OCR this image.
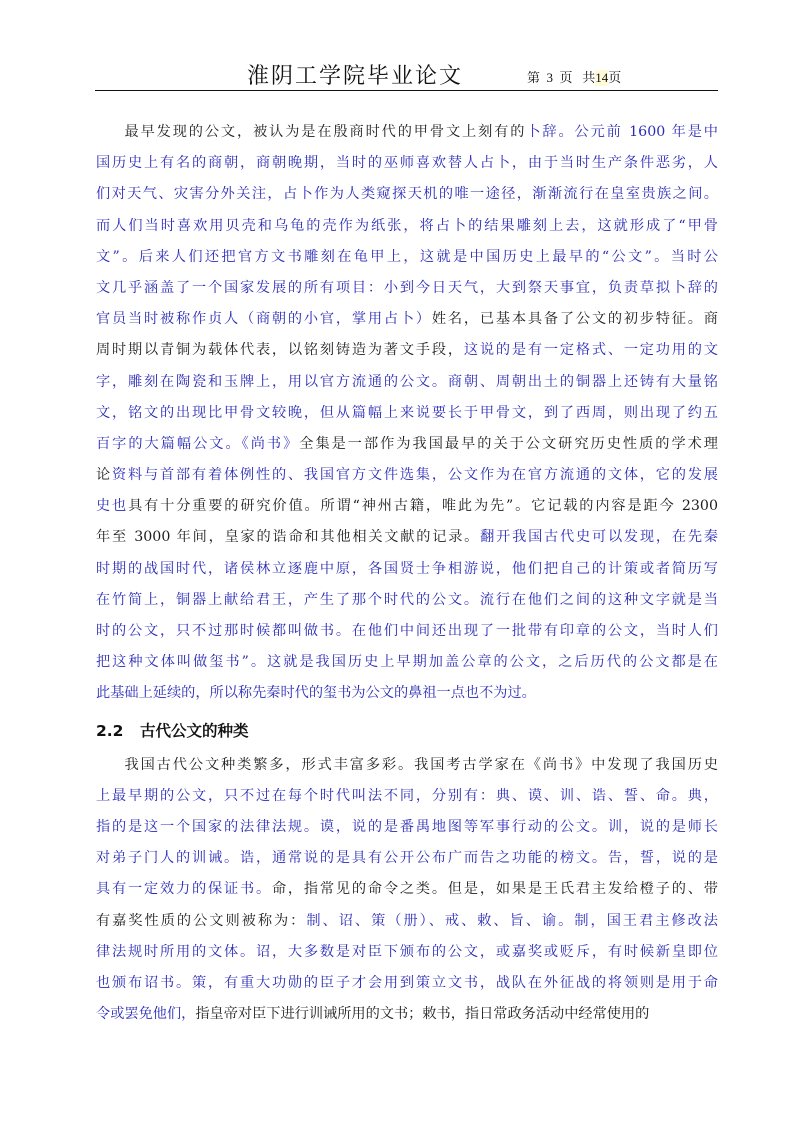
淮阴工学院毕业论文	第 3 页 共14页
最早发现的公文，被认为是在殷商时代的甲骨文上刻有的卜辞。公元前 1600 年是中
国历史上有名的商朝，商朝晚期，当时的巫师喜欢替人占卜，由于当时生产条件恶劣，人
们对天气、灾害分外关注，占卜作为人类窥探天机的唯一途径，渐渐流行在皇室贵族之间。
而人们当时喜欢用贝壳和乌龟的壳作为纸张，将占卜的结果雕刻上去，这就形成了“甲骨
文”。后来人们还把官方文书雕刻在龟甲上，这就是中国历史上最早的“公文”。当时公
文几乎涵盖了一个国家发展的所有项目：小到今日天气，大到祭天事宜，负责草拟卜辞的
官员当时被称作贞人（商朝的小官，掌用占卜）姓名，已基本具备了公文的初步特征。商
周时期以青铜为载体代表，以铭刻铸造为著文手段，这说的是有一定格式、一定功用的文
字，雕刻在陶瓷和玉牌上，用以官方流通的公文。商朝、周朝出土的铜器上还铸有大量铭
文，铭文的出现比甲骨文较晚，但从篇幅上来说要长于甲骨文，到了西周，则出现了约五
百字的大篇幅公文。《尚书》全集是一部作为我国最早的关于公文研究历史性质的学术理
论资料与首部有着体例性的、我国官方文件选集，公文作为在官方流通的文体，它的发展
史也具有十分重要的研究价值。所谓“神州古籍，唯此为先”。它记载的内容是距今 2300
年至 3000 年间，皇家的诰命和其他相关文献的记录。翻开我国古代史可以发现，在先秦
时期的战国时代，诸侯林立逐鹿中原，各国贤士争相游说，他们把自己的计策或者简历写
在竹简上，铜器上献给君王，产生了那个时代的公文。流行在他们之间的这种文字就是当
时的公文，只不过那时候都叫做书。在他们中间还出现了一批带有印章的公文，当时人们
把这种文体叫做玺书”。这就是我国历史上早期加盖公章的公文，之后历代的公文都是在
此基础上延续的，所以称先秦时代的玺书为公文的鼻祖一点也不为过。
2.2 古代公文的种类
我国古代公文种类繁多，形式丰富多彩。我国考古学家在《尚书》中发现了我国历史
上最早期的公文，只不过在每个时代叫法不同，分别有：典、谟、训、诰、誓、命。典，
指的是这一个国家的法律法规。谟，说的是番禺地图等军事行动的公文。训，说的是师长
对弟子门人的训诫。诰，通常说的是具有公开公布广而告之功能的榜文。告，誓，说的是
具有一定效力的保证书。命，指常见的命令之类。但是，如果是王氏君主发给橙子的、带
有嘉奖性质的公文则被称为：制、诏、策（册）、戒、敕、旨、谕。制，国王君主修改法
律法规时所用的文体。诏，大多数是对臣下颁布的公文，或嘉奖或贬斥，有时候新皇即位
也颁布诏书。策，有重大功勋的臣子才会用到策立文书，战队在外征战的将领则是用于命
令或罢免他们，指皇帝对臣下进行训诫所用的文书；敕书，指日常政务活动中经常使用的
